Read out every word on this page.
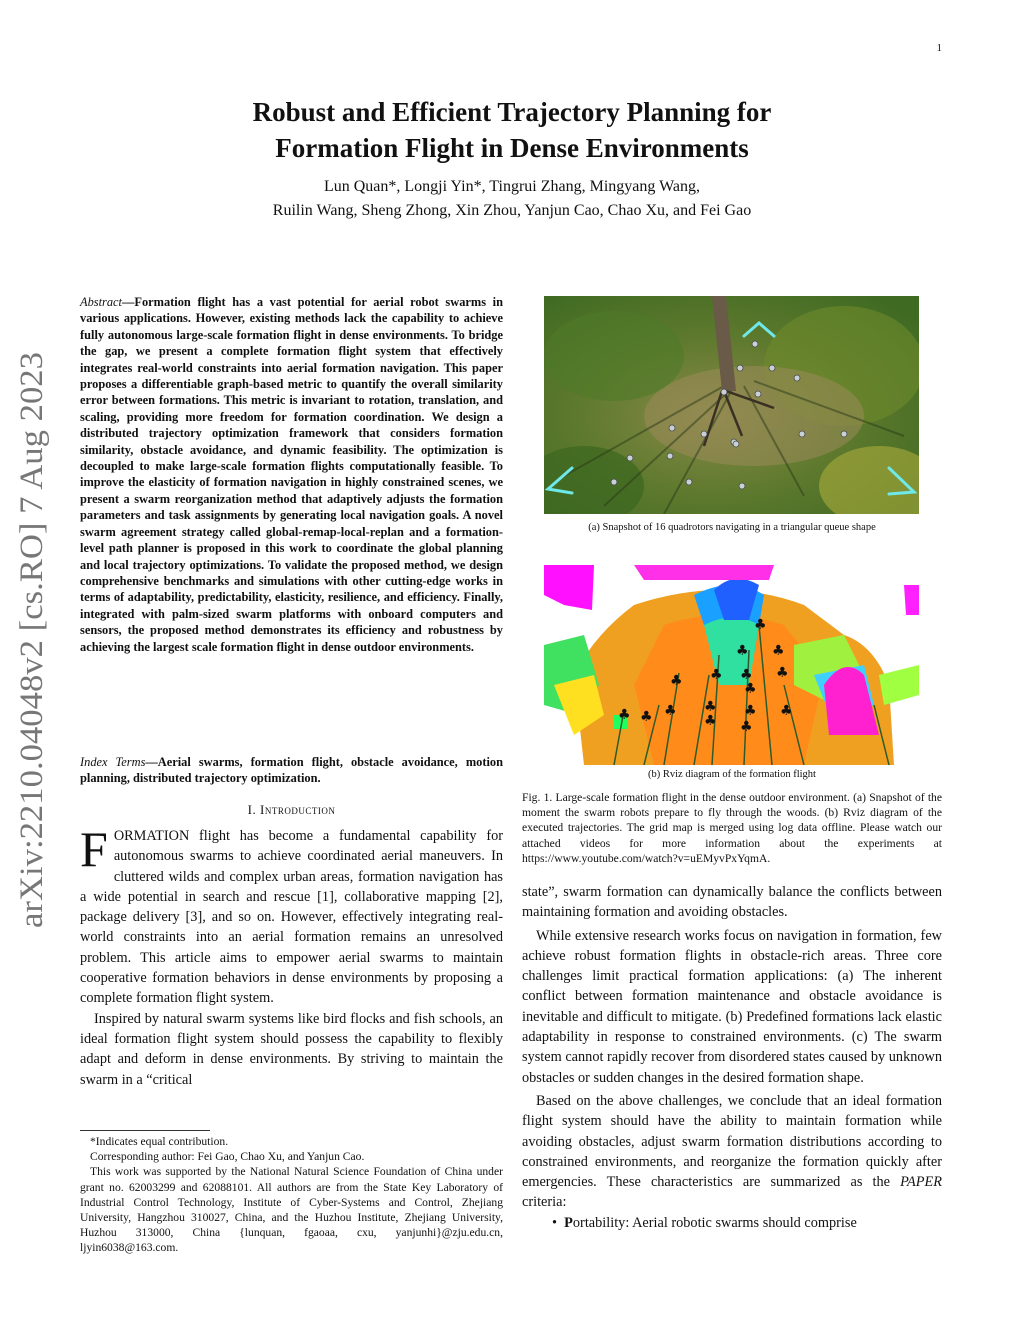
1
arXiv:2210.04048v2 [cs.RO] 7 Aug 2023
Robust and Efficient Trajectory Planning for
Formation Flight in Dense Environments
Lun Quan*, Longji Yin*, Tingrui Zhang, Mingyang Wang,
Ruilin Wang, Sheng Zhong, Xin Zhou, Yanjun Cao, Chao Xu, and Fei Gao
Abstract—Formation flight has a vast potential for aerial robot swarms in various applications. However, existing methods lack the capability to achieve fully autonomous large-scale formation flight in dense environments. To bridge the gap, we present a complete formation flight system that effectively integrates real-world constraints into aerial formation navigation. This paper proposes a differentiable graph-based metric to quantify the overall similarity error between formations. This metric is invariant to rotation, translation, and scaling, providing more freedom for formation coordination. We design a distributed trajectory optimization framework that considers formation similarity, obstacle avoidance, and dynamic feasibility. The optimization is decoupled to make large-scale formation flights computationally feasible. To improve the elasticity of formation navigation in highly constrained scenes, we present a swarm reorganization method that adaptively adjusts the formation parameters and task assignments by generating local navigation goals. A novel swarm agreement strategy called global-remap-local-replan and a formation-level path planner is proposed in this work to coordinate the global planning and local trajectory optimizations. To validate the proposed method, we design comprehensive benchmarks and simulations with other cutting-edge works in terms of adaptability, predictability, elasticity, resilience, and efficiency. Finally, integrated with palm-sized swarm platforms with onboard computers and sensors, the proposed method demonstrates its efficiency and robustness by achieving the largest scale formation flight in dense outdoor environments.
Index Terms—Aerial swarms, formation flight, obstacle avoidance, motion planning, distributed trajectory optimization.
I. Introduction

FORMATION flight has become a fundamental capability for autonomous swarms to achieve coordinated aerial maneuvers. In cluttered wilds and complex urban areas, formation navigation has a wide potential in search and rescue [1], collaborative mapping [2], package delivery [3], and so on. However, effectively integrating real-world constraints into an aerial formation remains an unresolved problem. This article aims to empower aerial swarms to maintain cooperative formation behaviors in dense environments by proposing a complete formation flight system.

Inspired by natural swarm systems like bird flocks and fish schools, an ideal formation flight system should possess the capability to flexibly adapt and deform in dense environments. By striving to maintain the swarm in a “critical

*Indicates equal contribution.

Corresponding author: Fei Gao, Chao Xu, and Yanjun Cao.

This work was supported by the National Natural Science Foundation of China under grant no. 62003299 and 62088101. All authors are from the State Key Laboratory of Industrial Control Technology, Institute of Cyber-Systems and Control, Zhejiang University, Hangzhou 310027, China, and the Huzhou Institute, Zhejiang University, Huzhou 313000, China {lunquan, fgaoaa, cxu, yanjunhi}@zju.edu.cn, ljyin6038@163.com.

(a) Snapshot of 16 quadrotors navigating in a triangular queue shape
♣
♣ ♣
♣ ♣ ♣
♣	♣
♣ ♣ ♣ ♣
♣ ♣	♣ ♣
(b) Rviz diagram of the formation flight
Fig. 1. Large-scale formation flight in the dense outdoor environment. (a) Snapshot of the moment the swarm robots prepare to fly through the woods. (b) Rviz diagram of the executed trajectories. The grid map is merged using log data offline. Please watch our attached videos for more information about the experiments at https://www.youtube.com/watch?v=uEMyvPxYqmA.

state”, swarm formation can dynamically balance the conflicts between maintaining formation and avoiding obstacles.

While extensive research works focus on navigation in formation, few achieve robust formation flights in obstacle-rich areas. Three core challenges limit practical formation applications: (a) The inherent conflict between formation maintenance and obstacle avoidance is inevitable and difficult to mitigate. (b) Predefined formations lack elastic adaptability in response to constrained environments. (c) The swarm system cannot rapidly recover from disordered states caused by unknown obstacles or sudden changes in the desired formation shape.

Based on the above challenges, we conclude that an ideal formation flight system should have the ability to maintain formation while avoiding obstacles, adjust swarm formation distributions according to constrained environments, and reorganize the formation quickly after emergencies. These characteristics are summarized as the PAPER criteria:

• Portability: Aerial robotic swarms should comprise
